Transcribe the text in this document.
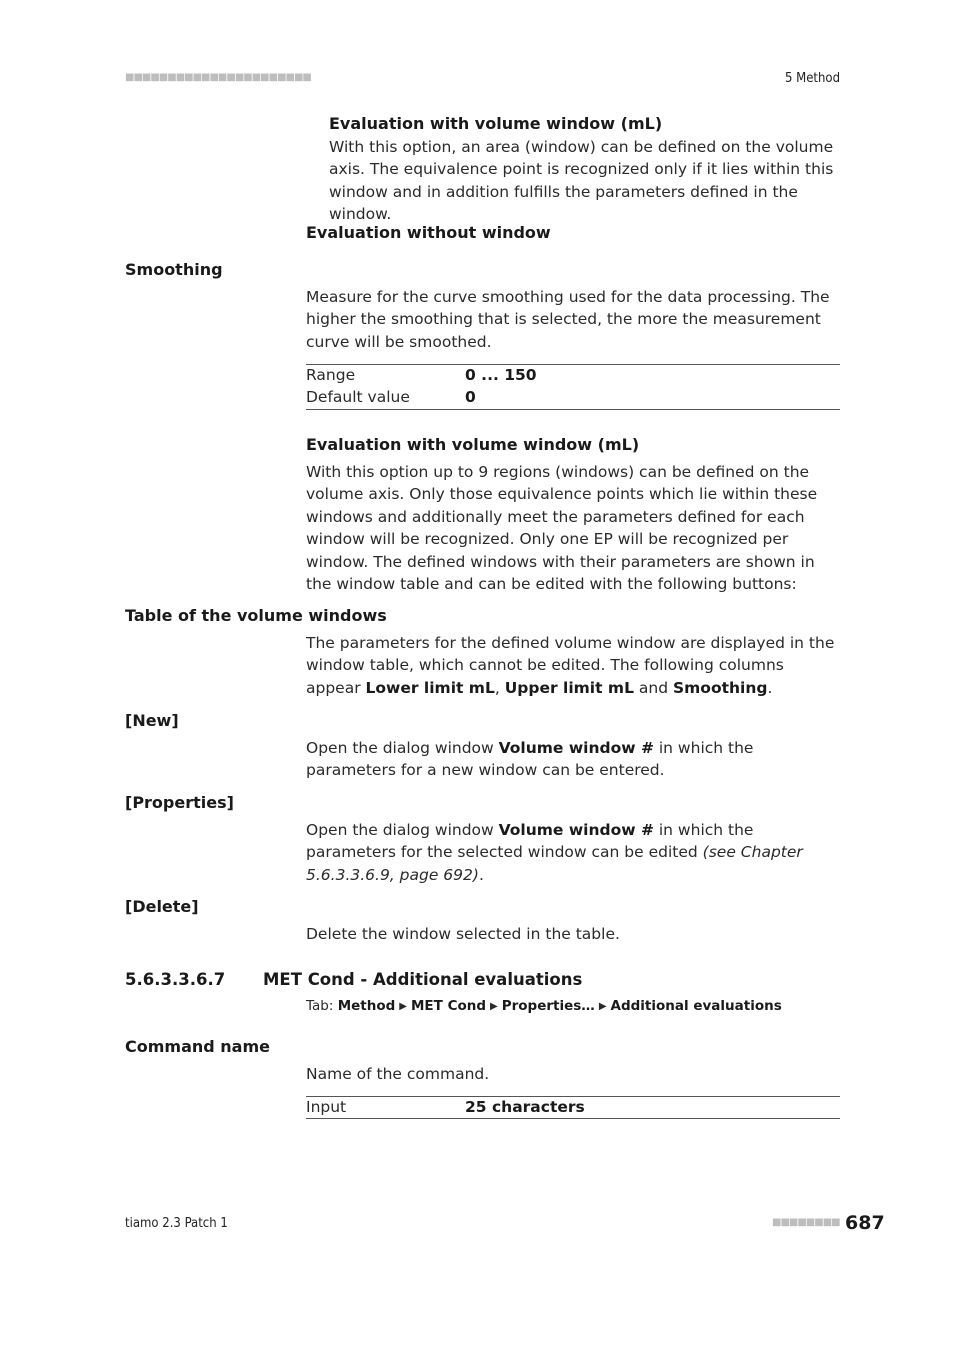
■■■■■■■■■■■■■■■■■■■■■■	5 Method
Evaluation with volume window (mL)
With this option, an area (window) can be defined on the volume axis. The equivalence point is recognized only if it lies within this window and in addition fulfills the parameters defined in the window.
Evaluation without window
Smoothing
Measure for the curve smoothing used for the data processing. The higher the smoothing that is selected, the more the measurement curve will be smoothed.
Range	0 ... 150
Default value	0
Evaluation with volume window (mL)
With this option up to 9 regions (windows) can be defined on the volume axis. Only those equivalence points which lie within these windows and additionally meet the parameters defined for each window will be recognized. Only one EP will be recognized per window. The defined windows with their parameters are shown in the window table and can be edited with the following buttons:
Table of the volume windows
The parameters for the defined volume window are displayed in the window table, which cannot be edited. The following columns appear Lower limit mL, Upper limit mL and Smoothing.
[New]
Open the dialog window Volume window # in which the parameters for a new window can be entered.
[Properties]
Open the dialog window Volume window # in which the parameters for the selected window can be edited (see Chapter 5.6.3.3.6.9, page 692).
[Delete]
Delete the window selected in the table.
5.6.3.3.6.7 MET Cond - Additional evaluations
Tab: Method ▶ MET Cond ▶ Properties… ▶ Additional evaluations
Command name
Name of the command.
Input	25 characters
tiamo 2.3 Patch 1	■■■■■■■■ 687
